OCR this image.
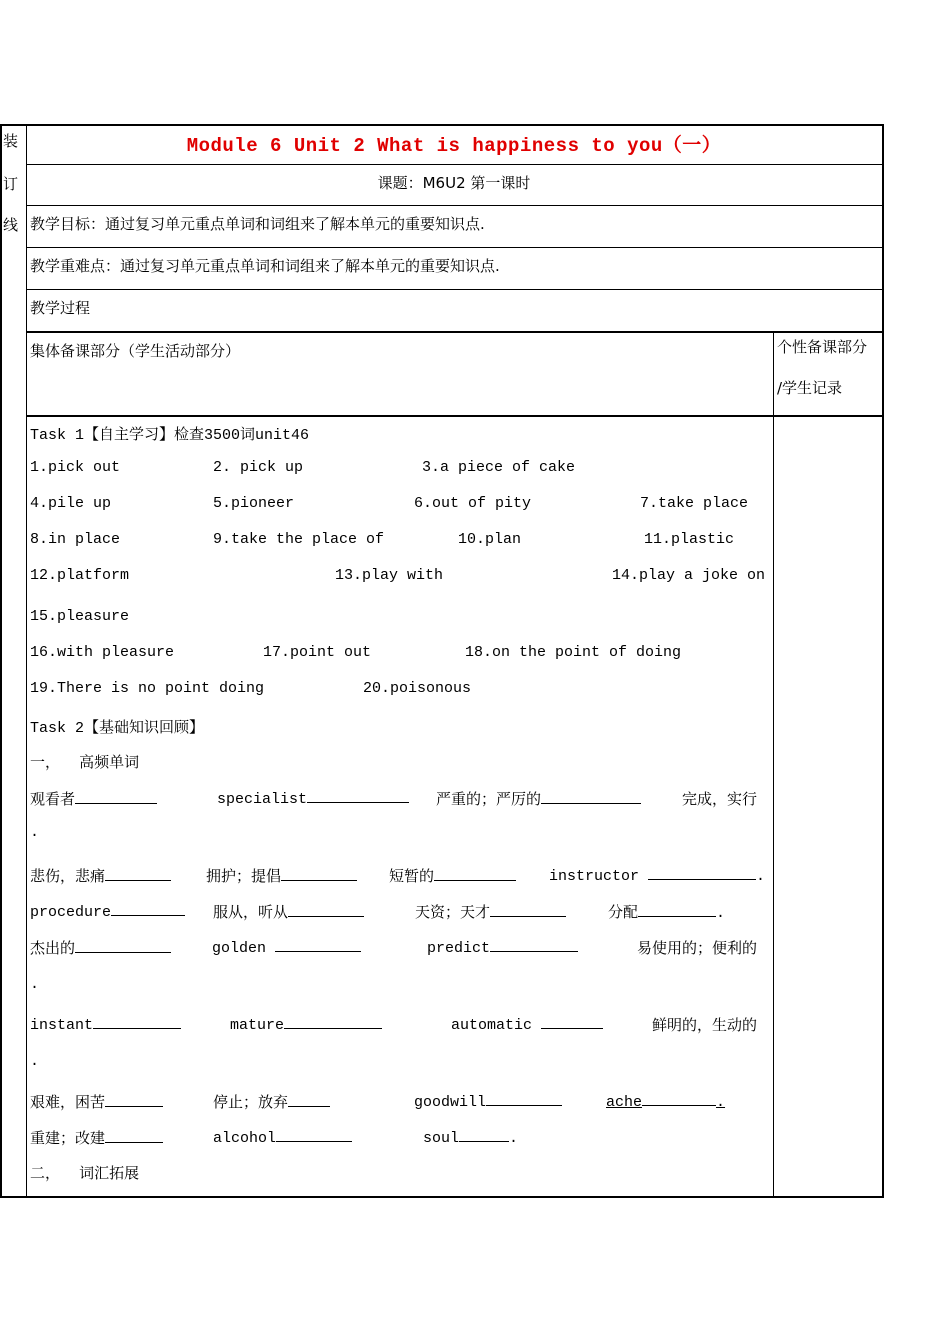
装
订
线
Module 6 Unit 2 What is happiness to you（一）
课题：M6U2 第一课时
教学目标：通过复习单元重点单词和词组来了解本单元的重要知识点.
教学重难点：通过复习单元重点单词和词组来了解本单元的重要知识点.
教学过程
集体备课部分（学生活动部分）	个性备课部分
/学生记录
Task 1【自主学习】检查3500词unit46
1.pick out	2. pick up	3.a piece of cake
4.pile up	5.pioneer	6.out of pity	7.take place
8.in place	9.take the place of	10.plan	11.plastic
12.platform	13.play with	14.play a joke on
15.pleasure
16.with pleasure	17.point out	18.on the point of doing
19.There is no point doing	20.poisonous
Task 2【基础知识回顾】
一，    高频单词
观看者	specialist	严重的；严厉的	完成，实行
.
悲伤，悲痛	拥护；提倡	短暂的	instructor	.
procedure	服从，听从	天资；天才	分配	.
杰出的	golden	predict	易使用的；便利的
.
instant	mature	automatic	鲜明的，生动的
.
艰难，困苦	停止；放弃	goodwill	ache	.
重建；改建	alcohol	soul	.
二，    词汇拓展
